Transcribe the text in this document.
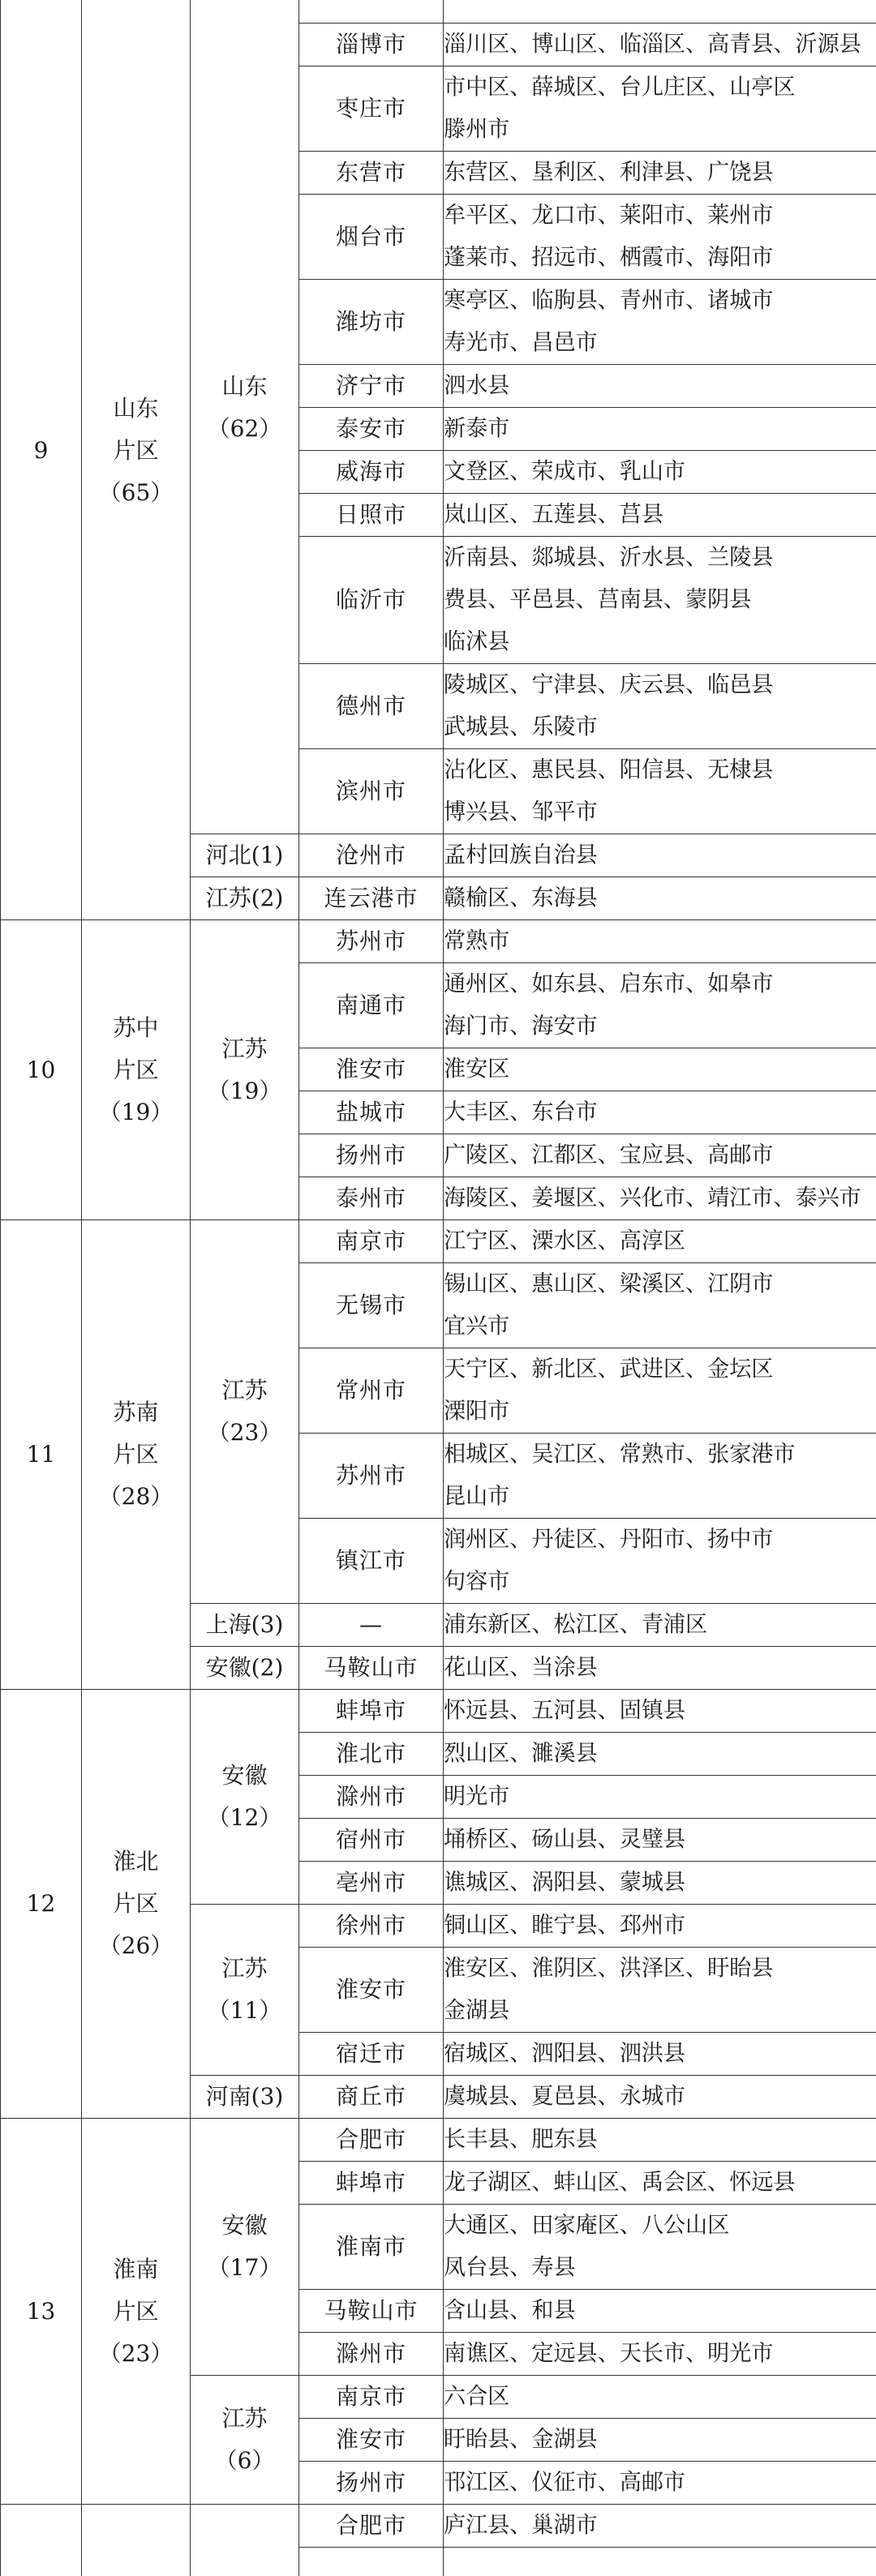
9	山东
片区
（65）	山东
（62）		

			淄博市	淄川区、博山区、临淄区、高青县、沂源县

			枣庄市	市中区、薛城区、台儿庄区、山亭区
滕州市

			东营市	东营区、垦利区、利津县、广饶县

			烟台市	牟平区、龙口市、莱阳市、莱州市
蓬莱市、招远市、栖霞市、海阳市

			潍坊市	寒亭区、临朐县、青州市、诸城市
寿光市、昌邑市

			济宁市	泗水县

			泰安市	新泰市

			威海市	文登区、荣成市、乳山市

			日照市	岚山区、五莲县、莒县

			临沂市	沂南县、郯城县、沂水县、兰陵县
费县、平邑县、莒南县、蒙阴县
临沭县

			德州市	陵城区、宁津县、庆云县、临邑县
武城县、乐陵市

			滨州市	沾化区、惠民县、阳信县、无棣县
博兴县、邹平市

		河北(1)	沧州市	孟村回族自治县

		江苏(2)	连云港市	赣榆区、东海县

10	苏中
片区
（19）	江苏
（19）	苏州市	常熟市

			南通市	通州区、如东县、启东市、如皋市
海门市、海安市

			淮安市	淮安区

			盐城市	大丰区、东台市

			扬州市	广陵区、江都区、宝应县、高邮市

			泰州市	海陵区、姜堰区、兴化市、靖江市、泰兴市

11	苏南
片区
（28）	江苏
（23）	南京市	江宁区、溧水区、高淳区

			无锡市	锡山区、惠山区、梁溪区、江阴市
宜兴市

			常州市	天宁区、新北区、武进区、金坛区
溧阳市

			苏州市	相城区、吴江区、常熟市、张家港市
昆山市

			镇江市	润州区、丹徒区、丹阳市、扬中市
句容市

		上海(3)	—	浦东新区、松江区、青浦区

		安徽(2)	马鞍山市	花山区、当涂县

12	淮北
片区
（26）	安徽
（12）	蚌埠市	怀远县、五河县、固镇县

			淮北市	烈山区、濉溪县

			滁州市	明光市

			宿州市	埇桥区、砀山县、灵璧县

			亳州市	谯城区、涡阳县、蒙城县

		江苏
（11）	徐州市	铜山区、睢宁县、邳州市

			淮安市	淮安区、淮阴区、洪泽区、盱眙县
金湖县

			宿迁市	宿城区、泗阳县、泗洪县

		河南(3)	商丘市	虞城县、夏邑县、永城市

13	淮南
片区
（23）	安徽
（17）	合肥市	长丰县、肥东县

			蚌埠市	龙子湖区、蚌山区、禹会区、怀远县

			淮南市	大通区、田家庵区、八公山区
凤台县、寿县

			马鞍山市	含山县、和县

			滁州市	南谯区、定远县、天长市、明光市

		江苏
（6）	南京市	六合区

			淮安市	盱眙县、金湖县

			扬州市	邗江区、仪征市、高邮市

			合肥市	庐江县、巢湖市
